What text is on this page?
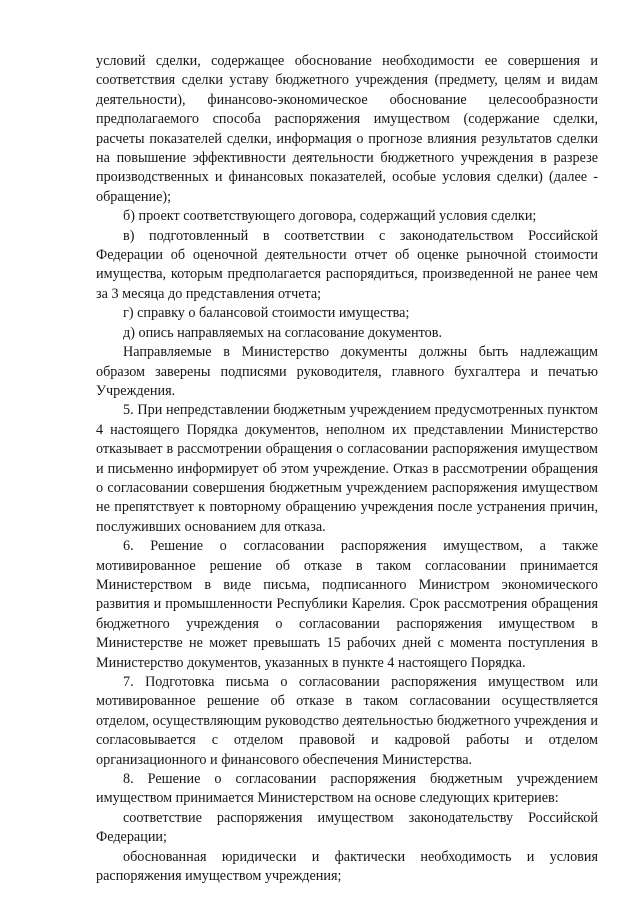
условий сделки, содержащее обоснование необходимости ее совершения и соответствия сделки уставу бюджетного учреждения (предмету, целям и видам деятельности), финансово-экономическое обоснование целесообразности предполагаемого способа распоряжения имуществом (содержание сделки, расчеты показателей сделки, информация о прогнозе влияния результатов сделки на повышение эффективности деятельности бюджетного учреждения в разрезе производственных и финансовых показателей, особые условия сделки) (далее - обращение);

б) проект соответствующего договора, содержащий условия сделки;

в) подготовленный в соответствии с законодательством Российской Федерации об оценочной деятельности отчет об оценке рыночной стоимости имущества, которым предполагается распорядиться, произведенной не ранее чем за 3 месяца до представления отчета;

г) справку о балансовой стоимости имущества;

д) опись направляемых на согласование документов.

Направляемые в Министерство документы должны быть надлежащим образом заверены подписями руководителя, главного бухгалтера и печатью Учреждения.

5. При непредставлении бюджетным учреждением предусмотренных пунктом 4 настоящего Порядка документов, неполном их представлении Министерство отказывает в рассмотрении обращения о согласовании распоряжения имуществом и письменно информирует об этом учреждение. Отказ в рассмотрении обращения о согласовании совершения бюджетным учреждением распоряжения имуществом не препятствует к повторному обращению учреждения после устранения причин, послуживших основанием для отказа.

6. Решение о согласовании распоряжения имуществом, а также мотивированное решение об отказе в таком согласовании принимается Министерством в виде письма, подписанного Министром экономического развития и промышленности Республики Карелия. Срок рассмотрения обращения бюджетного учреждения о согласовании распоряжения имуществом в Министерстве не может превышать 15 рабочих дней с момента поступления в Министерство документов, указанных в пункте 4 настоящего Порядка.

7. Подготовка письма о согласовании распоряжения имуществом или мотивированное решение об отказе в таком согласовании осуществляется отделом, осуществляющим руководство деятельностью бюджетного учреждения и согласовывается с отделом правовой и кадровой работы и отделом организационного и финансового обеспечения Министерства.

8. Решение о согласовании распоряжения бюджетным учреждением имуществом принимается Министерством на основе следующих критериев:

соответствие распоряжения имуществом законодательству Российской Федерации;

обоснованная юридически и фактически необходимость и условия распоряжения имуществом учреждения;
